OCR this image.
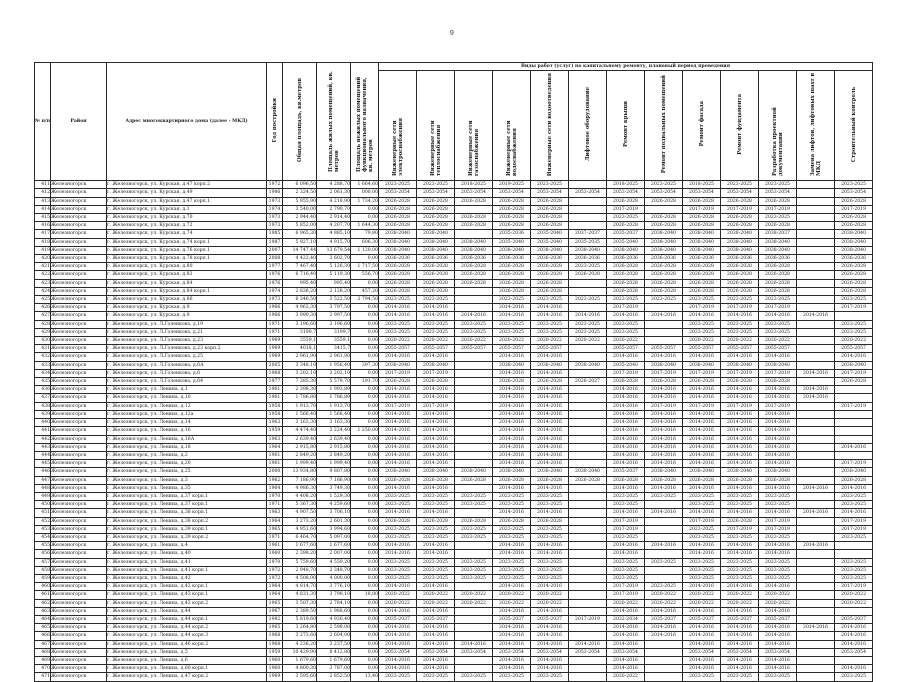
9
№ п/п	Район	Адрес многоквартирного дома (далее - МКД)	Год постройки	Общая площадь, кв.метров	Площадь жилых помещений, кв. метров	Площадь нежилых помещений функционального назначения, кв. метров	Виды работ (услуг) по капитальному ремонту, плановый период проведения												
							Инженерные сети электроснабжения	Инженерные сети теплоснабжения	Инженерные сети газоснабжения	Инженерные сети водоснабжения	Инженерные сети водоотведения	Лифтовое оборудование	Ремонт крыши	Ремонт подвальных помещений	Ремонт фасада	Ремонт фундамента	Разработка проектной документации	Замена лифтов, лифтовых шахт в МКД	Строительный контроль
411	Железногорск	г. Железногорск, ул. Курская, д.47 корп.2	1972	6 096,50	4 288,70	1 664,60	2023-2025	2023-2025	2018-2025	2019-2025	2023-2025		2018-2025	2023-2025	2018-2025	2023-2025	2023-2025		2023-2025
412	Железногорск	г. Железногорск, ул. Курская, д.49	1986	2 324,50	2 061,30	000,00	2053-2054	2053-2054	2053-2054	2053-2054	2053-2054	2053-2054	2053-2054	2053-2054	2053-2054	2053-2054	2053-2054		2053-2054
413	Железногорск	г. Железногорск, ул. Курская, д.47 корп.1	1973	5 955,90	4 218,90	1 734,20	2026-2028	2026-2028	2026-2028	2026-2028	2026-2028		2026-2028	2026-2028	2026-2028	2026-2028	2026-2028		2026-2028
414	Железногорск	г. Железногорск, ул. Курская, д.1	1974	3 540,00	2 790,70	0,00	2026-2028	2026-2028		2026-2028	2026-2028		2017-2019		2017-2019	2017-2019	2017-2019		2017-2019
415	Железногорск	г. Железногорск, ул. Курская, д.70	1973	2 944,40	2 914,40	0,00	2026-2028	2026-2028	2026-2028	2026-2028	2026-2028		2023-2025	2026-2028	2026-2028	2026-2028	2023-2025		2026-2028
416	Железногорск	г. Железногорск, ул. Курская, д.72	1973	5 852,00	4 207,70	1 644,30	2026-2028	2026-2028	2026-2028	2026-2028	2026-2028		2026-2028	2026-2028	2026-2028	2026-2028	2026-2028		2026-2028
417	Железногорск	г. Железногорск, ул. Курская, д.74	1985	6 965,30	4 885,10	79,80	2038-2040	2038-2040		2035-2036	2035-2040	2037-2037	2035-2037	2038-2040	2038-2040	2038-2040	2038-2037		2038-2040
418	Железногорск	г. Железногорск, ул. Курская, д.74 корп.1	1987	5 927,10	4 915,70	606,30	2038-2040	2038-2040	2038-2040	2035-2040	2035-2040	2035-2035	2035-2040	2038-2040	2038-2040	2038-2040	2038-2040		2038-2040
419	Железногорск	г. Железногорск, ул. Курская, д.76 корп.1	2007	14 747,44	13 679,54	1 120,00	2038-2040	2038-2040	2038-2040	2038-2040	2038-2040	2038-2040	2038-2040	2038-2040	2038-2040	2038-2040	2038-2040		2038-2040
420	Железногорск	г. Железногорск, ул. Курская, д.78 корп.1	2008	4 422,40	3 602,70	0,00	2036-2036	2036-2036	2036-2036	2036-2036	2036-2036	2036-2036	2036-2036	2036-2036	2036-2036	2036-2036	2036-2036		2036-2036
421	Железногорск	г. Железногорск, ул. Курская, д.80	1977	7 467,40	5 126,30	1 717,50	2026-2028	2026-2028	2026-2028	2026-2028	2026-2028	2023-2025	2026-2028	2026-2028	2026-2028	2026-2028	2026-2028		2026-2028
422	Железногорск	г. Железногорск, ул. Курская, д.82	1976	6 716,40	5 119,30	556,70	2026-2028	2026-2028	2026-2028	2026-2028	2026-2028	2026-2028	2026-2028	2026-2028	2026-2028	2026-2028	2026-2028		2026-2028
423	Железногорск	г. Железногорск, ул. Курская, д.84	1976	995,40	995,40	0,00	2026-2028	2026-2028	2026-2028	2026-2028	2026-2028		2026-2028	2026-2028	2026-2028	2026-2028	2026-2028		2026-2028
424	Железногорск	г. Железногорск, ул. Курская, д.84 корп.1	1974	2 836,20	2 128,20	457,20	2026-2028	2026-2028		2026-2028	2026-2028		2026-2028	2026-2028	2026-2028	2026-2028	2026-2028		2026-2028
425	Железногорск	г. Железногорск, ул. Курская, д.86	1973	6 346,50	3 522,50	2 794,50	2023-2025	2023-2025		2023-2025	2023-2025	2023-2025	2023-2025	2023-2025	2023-2025	2023-2025	2023-2025		2023-2025
426	Железногорск	г. Железногорск, ул. Курская, д.9	1966	4 963,30	3 797,50	0,00	2014-2016	2014-2016		2014-2016	2014-2016		2017-2019		2017-2019	2017-2019	2017-2019		2017-2019
427	Железногорск	г. Железногорск, ул. Курская, д.9	1966	3 990,30	2 997,50	0,00	2014-2016	2014-2016	2014-2016	2014-2016	2014-2016	2014-2016	2014-2016	2014-2016	2014-2016	2014-2016	2014-2016	2014-2016	
428	Железногорск	г. Железногорск, ул. Л.Голенкова, д.19	1971	3 196,60	3 196,60	0,00	2023-2025	2023-2025	2023-2025	2023-2025	2023-2025	2023-2025	2023-2025		2023-2025	2023-2025	2023-2025		2023-2025
429	Железногорск	г. Железногорск, ул. Л.Голенкова, д.21	1971	3199,7	3199,7	0,00	2023-2025	2023-2025	2023-2025	2023-2025	2023-2025	2023-2025	2023-2025		2023-2025	2023-2025	2023-2025		2023-2025
430	Железногорск	г. Железногорск, ул. Л.Голенкова, д.23	1969	3559,1	3559,1	0,00	2020-2022	2020-2022	2020-2022	2020-2022	2020-2022	2020-2022	2020-2022		2020-2022	2020-2022	2020-2022		2020-2022
431	Железногорск	г. Железногорск, ул. Л.Голенкова, д.23 корп.2	1969	4018,1	3415,7	0,00	2055-2057	2055-2057	2055-2057	2055-2057	2055-2057		2055-2057	2055-2057	2055-2057	2055-2057	2055-2057		2055-2057
432	Железногорск	г. Железногорск, ул. Л.Голенкова, д.25	1969	2 961,90	2 961,90	0,00	2014-2016	2014-2016		2014-2016	2014-2016		2014-2016	2014-2016	2014-2016	2014-2016	2014-2016		2014-2016
433	Железногорск	г. Железногорск, ул. Л.Голенкова, д.6А	2005	3 348,10	1 956,40	397,30	2038-2040	2038-2040		2038-2040	2038-2040	2038-2040	2035-2040	2038-2040	2038-2040	2038-2040	2038-2040		2038-2040
434	Железногорск	г. Железногорск, ул. Л.Голенкова, д.6	1968	3 202,10	3 202,10	0,00	2017-2019	2017-2019		2014-2016	2014-2016		2017-2019	2017-2019	2017-2019	2017-2019	2017-2019	2014-2016	2017-2019
435	Железногорск	г. Железногорск, ул. Л.Голенкова, д.64	1977	7 385,30	5 579,70	191,70	2026-2028	2026-2028		2026-2028	2026-2028	2026-2027	2026-2028	2026-2028	2026-2028	2026-2028	2026-2028		2026-2028
436	Железногорск	г. Железногорск, ул. Ленина, д.1	1961	2 398,30	1 993,80	0,00	2014-2016	2014-2016		2014-2016	2014-2016		2014-2016	2014-2016	2014-2016	2014-2016	2014-2016	2014-2016	
437	Железногорск	г. Железногорск, ул. Ленина, д.10	1961	1 786,80	1 786,80	0,00	2014-2016	2014-2016		2014-2016	2014-2016		2014-2016	2014-2016	2014-2016	2014-2016	2014-2016	2014-2016	
438	Железногорск	г. Железногорск, ул. Ленина, д.12	1958	1 913,70	1 913,70	0,00	2017-2019	2017-2019		2014-2016	2014-2016		2014-2016	2017-2019	2017-2019	2017-2019	2017-2019		2017-2019
439	Железногорск	г. Железногорск, ул. Ленина, д.12а	1958	1 566,40	1 568,40	0,00	2014-2016	2014-2016		2014-2016	2014-2016		2014-2016	2014-2016	2014-2016	2014-2016	2014-2016		
440	Железногорск	г. Железногорск, ул. Ленина, д.14	1963	3 163,30	3 163,30	0,00	2014-2016	2014-2016		2014-2016	2014-2016		2014-2016	2014-2016	2014-2016	2014-2016	2014-2016		
441	Железногорск	г. Железногорск, ул. Ленина, д.16	1959	4 474,40	3 224,40	1 250,00	2014-2016	2014-2016		2014-2016	2014-2016		2014-2016	2014-2016	2014-2016	2014-2016	2014-2016		
442	Железногорск	г. Железногорск, ул. Ленина, д.16А	1963	2 639,40	2 639,40	0,00	2014-2016	2014-2016		2014-2016	2014-2016		2014-2016	2014-2016	2014-2016	2014-2016	2014-2016		
443	Железногорск	г. Железногорск, ул. Ленина, д.18	1964	2 915,80	2 915,80	0,00	2014-2016	2014-2016		2014-2016	2014-2016		2014-2016	2014-2016	2014-2016	2014-2016	2014-2016		2014-2016
444	Железногорск	г. Железногорск, ул. Ленина, д.2	1961	2 849,20	2 849,20	0,00	2014-2016	2014-2016		2014-2016	2014-2016		2014-2016	2014-2016	2014-2016	2014-2016	2014-2016		
445	Железногорск	г. Железногорск, ул. Ленина, д.20	1961	1 999,40	1 999,40	0,00	2014-2016	2014-2016		2014-2016	2014-2016		2014-2016	2014-2016	2014-2016	2014-2016	2014-2016		2017-2019
446	Железногорск	г. Железногорск, ул. Ленина, д.25	2000	13 934,80	9 807,80	0,00	2038-2040	2038-2040	2038-2040	2038-2040	2038-2040	2038-2040	2035-2037	2038-2040	2038-2040	2038-2040	2038-2040		2038-2040
447	Железногорск	г. Железногорск, ул. Ленина, д.3	1962	7 186,90	7 186,90	0,00	2026-2028	2026-2028	2026-2028	2026-2028	2026-2028	2026-2028	2026-2028	2026-2028	2026-2028	2026-2028	2026-2028		2026-2028
448	Железногорск	г. Железногорск, ул. Ленина, д.35	1964	4 986,30	3 749,30	0,00	2014-2016	2014-2016		2014-2016	2014-2016		2014-2016	2014-2016	2014-2016	2014-2016	2014-2016	2014-2016	2014-2016
449	Железногорск	г. Железногорск, ул. Ленина, д.37 корп.1	1970	4 408,20	1 529,30	0,00	2023-2025	2023-2025	2023-2025	2023-2025	2023-2025		2023-2025	2023-2025	2023-2025	2023-2025	2023-2025		2023-2025
450	Железногорск	г. Железногорск, ул. Ленина, д.37 корп.1	1971	5 367,30	4 259,60	0,00	2023-2025	2023-2025	2023-2025	2023-2025	2023-2025		2023-2025		2023-2025	2023-2025	2023-2025		2023-2025
451	Железногорск	г. Железногорск, ул. Ленина, д.38 корп.1	1963	4 907,50	3 706,10	0,00	2014-2016	2014-2016		2014-2016	2014-2016		2014-2016	2014-2016	2014-2016	2014-2016	2014-2016	2014-2016	2014-2016
452	Железногорск	г. Железногорск, ул. Ленина, д.38 корп.2	1964	3 273,20	2 601,30	0,00	2026-2028	2026-2028	2026-2028	2026-2028	2026-2028		2017-2019		2017-2019	2026-2028	2017-2019		2017-2019
453	Железногорск	г. Железногорск, ул. Ленина, д.39 корп.1	1965	4 951,60	3 994,60	0,00	2023-2025	2023-2025	2023-2025	2023-2025	2023-2025		2017-2019		2023-2025	2017-2019	2017-2019		2017-2019
454	Железногорск	г. Железногорск, ул. Ленина, д.39 корп.2	1971	6 464,70	5 097,00	0,00	2023-2025	2023-2025	2023-2025	2023-2025	2023-2025		2023-2025		2023-2025	2023-2025	2023-2025		2023-2025
455	Железногорск	г. Железногорск, ул. Ленина, д.4	1961	1 677,60	1 677,60	0,00	2014-2016	2014-2016		2014-2016	2014-2016		2014-2016	2014-2016	2014-2016	2014-2016	2014-2016	2014-2016	
456	Железногорск	г. Железногорск, ул. Ленина, д.40	1960	2 398,20	2 007,00	0,00	2014-2016	2014-2016		2014-2016	2014-2016		2014-2016		2014-2016	2014-2016	2014-2016		
457	Железногорск	г. Железногорск, ул. Ленина, д.41	1970	5 759,60	4 559,20	0,00	2023-2025	2023-2025	2023-2025	2023-2025	2023-2025		2023-2025	2023-2025	2023-2025	2023-2025	2023-2025		2023-2025
458	Железногорск	г. Железногорск, ул. Ленина, д.41 корп.1	1972	2 948,70	2 348,70	0,00	2023-2025	2023-2025	2023-2025	2023-2025	2023-2025		2023-2025		2023-2025	2023-2025	2023-2025		2023-2025
459	Железногорск	г. Железногорск, ул. Ленина, д.42	1972	4 508,00	4 000,00	0,00	2023-2025	2023-2025	2023-2025	2023-2025	2023-2025		2023-2025		2023-2025	2023-2025	2023-2025		2023-2025
460	Железногорск	г. Железногорск, ул. Ленина, д.42 корп.1	1964	4 814,70	3 776,10	0,00	2014-2016	2014-2016		2014-2016	2014-2016		2017-2019	2023-2025	2014-2016	2014-2016	2014-2016		2017-2019
461	Железногорск	г. Железногорск, ул. Ленина, д.43 корп.1	1964	4 831,30	3 798,10	18,80	2020-2022	2020-2022	2020-2022	2020-2022	2020-2022		2017-2019	2020-2022	2020-2022	2020-2022	2020-2022		2020-2022
462	Железногорск	г. Железногорск, ул. Ленина, д.43 корп.2	1965	3 507,30	2 784,10	0,00	2020-2022	2020-2022	2020-2022	2020-2022	2020-2022		2020-2022	2020-2022	2020-2022	2020-2022	2020-2022		2020-2022
463	Железногорск	г. Железногорск, ул. Ленина, д.44	1967	2 389,50	1 988,60	0,00	2014-2016	2014-2016		2014-2016	2014-2016		2014-2016	2014-2016	2014-2016	2014-2016	2014-2016		
464	Железногорск	г. Железногорск, ул. Ленина, д.44 корп.1	1982	5 819,60	4 930,40	0,00	2035-2037	2035-2037		2035-2037	2035-2037	2017-2019	2032-2034	2035-2037	2035-2037	2035-2037	2035-2037		2035-2037
465	Железногорск	г. Железногорск, ул. Ленина, д.44 корп.2	1965	3 264,80	2 598,00	0,00	2014-2016	2014-2016		2014-2016	2014-2016		2014-2016	2014-2016	2014-2016	2014-2016	2014-2016	2014-2016	2014-2016
466	Железногорск	г. Железногорск, ул. Ленина, д.44 корп.3	1968	3 273,60	2 604,00	0,00	2014-2016	2014-2016		2014-2016	2014-2016		2014-2016	2014-2016	2014-2016	2014-2016	2014-2016		2014-2016
467	Железногорск	г. Железногорск, ул. Ленина, д.46 корп.2	1968	4 236,20	3 237,50	0,00	2014-2016	2014-2016	2014-2016	2014-2016	2014-2016	2014-2016	2014-2016		2014-2016	2014-2016	2014-2016		2014-2016
468	Железногорск	г. Железногорск, ул. Ленина, д.5	1959	10 429,90	8 412,80	0,00	2053-2054	2053-2054	2053-2054	2053-2054	2053-2054	2053-2054	2053-2054		2053-2054	2053-2054	2053-2054		2053-2054
469	Железногорск	г. Железногорск, ул. Ленина, д.6	1960	1 679,60	1 679,60	0,00	2014-2016	2014-2016		2014-2016	2014-2016		2014-2016		2014-2016	2014-2016	2014-2016		
470	Железногорск	г. Железногорск, ул. Ленина, д.60 корп.1	1960	4 800,30	3 787,00	0,00	2014-2016	2014-2016		2014-2016	2014-2016		2014-2016		2014-2016	2014-2016	2014-2016		2014-2016
471	Железногорск	г. Железногорск, ул. Ленина, д.47 корп.2	1969	3 595,60	2 852,50	13,40	2023-2025	2023-2025	2023-2025	2023-2025	2023-2025		2020-2022		2023-2025	2023-2025	2023-2025		2023-2025
